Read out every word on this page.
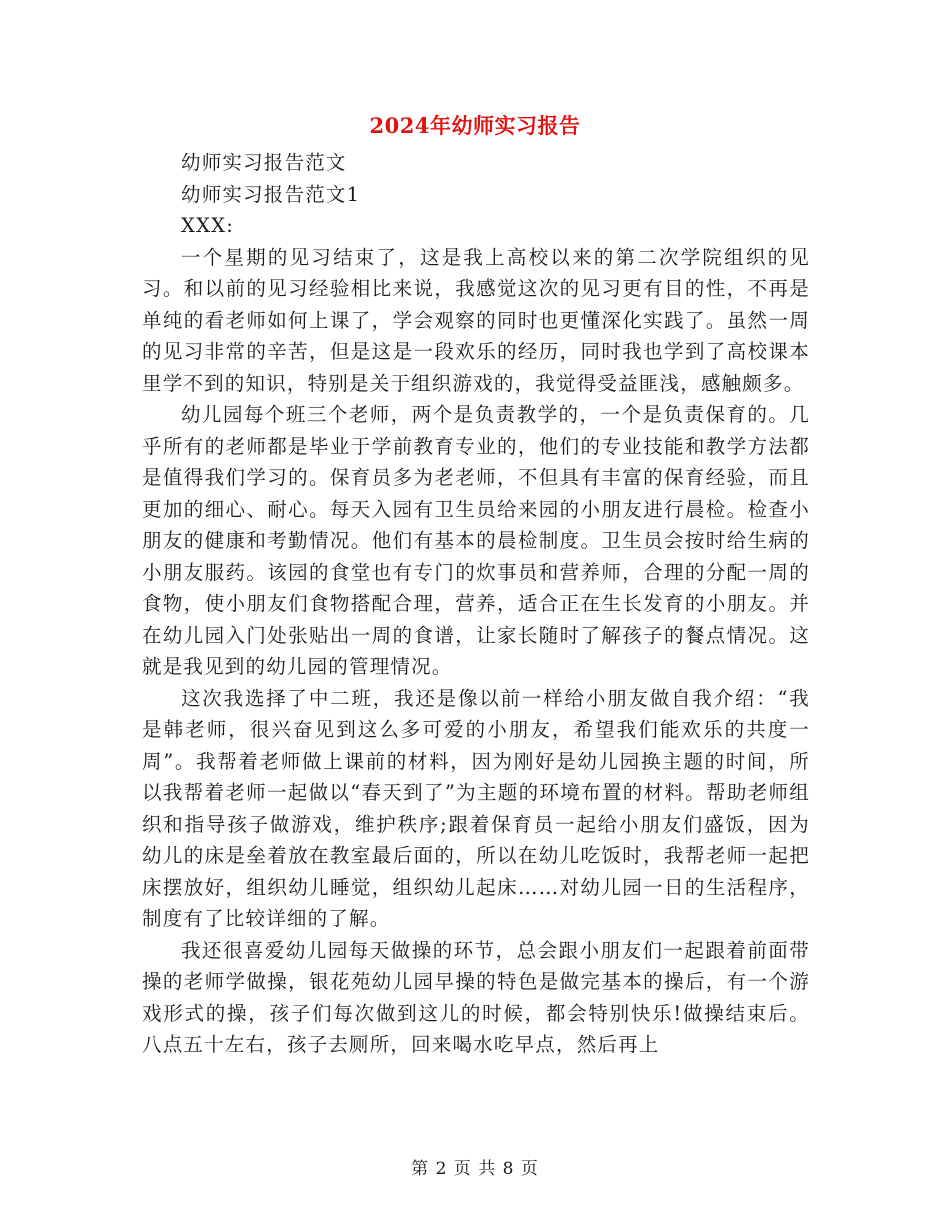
2024年幼师实习报告

幼师实习报告范文

幼师实习报告范文1

XXX:

一个星期的见习结束了，这是我上高校以来的第二次学院组织的见习。和以前的见习经验相比来说，我感觉这次的见习更有目的性，不再是单纯的看老师如何上课了，学会观察的同时也更懂深化实践了。虽然一周的见习非常的辛苦，但是这是一段欢乐的经历，同时我也学到了高校课本里学不到的知识，特别是关于组织游戏的，我觉得受益匪浅，感触颇多。

幼儿园每个班三个老师，两个是负责教学的，一个是负责保育的。几乎所有的老师都是毕业于学前教育专业的，他们的专业技能和教学方法都是值得我们学习的。保育员多为老老师，不但具有丰富的保育经验，而且更加的细心、耐心。每天入园有卫生员给来园的小朋友进行晨检。检查小朋友的健康和考勤情况。他们有基本的晨检制度。卫生员会按时给生病的小朋友服药。该园的食堂也有专门的炊事员和营养师，合理的分配一周的食物，使小朋友们食物搭配合理，营养，适合正在生长发育的小朋友。并在幼儿园入门处张贴出一周的食谱，让家长随时了解孩子的餐点情况。这就是我见到的幼儿园的管理情况。

这次我选择了中二班，我还是像以前一样给小朋友做自我介绍：“我是韩老师，很兴奋见到这么多可爱的小朋友，希望我们能欢乐的共度一周”。我帮着老师做上课前的材料，因为刚好是幼儿园换主题的时间，所以我帮着老师一起做以“春天到了”为主题的环境布置的材料。帮助老师组织和指导孩子做游戏，维护秩序;跟着保育员一起给小朋友们盛饭，因为幼儿的床是垒着放在教室最后面的，所以在幼儿吃饭时，我帮老师一起把床摆放好，组织幼儿睡觉，组织幼儿起床……对幼儿园一日的生活程序，制度有了比较详细的了解。

我还很喜爱幼儿园每天做操的环节，总会跟小朋友们一起跟着前面带操的老师学做操，银花苑幼儿园早操的特色是做完基本的操后，有一个游戏形式的操，孩子们每次做到这儿的时候，都会特别快乐!做操结束后。八点五十左右，孩子去厕所，回来喝水吃早点，然后再上

第 2 页 共 8 页
